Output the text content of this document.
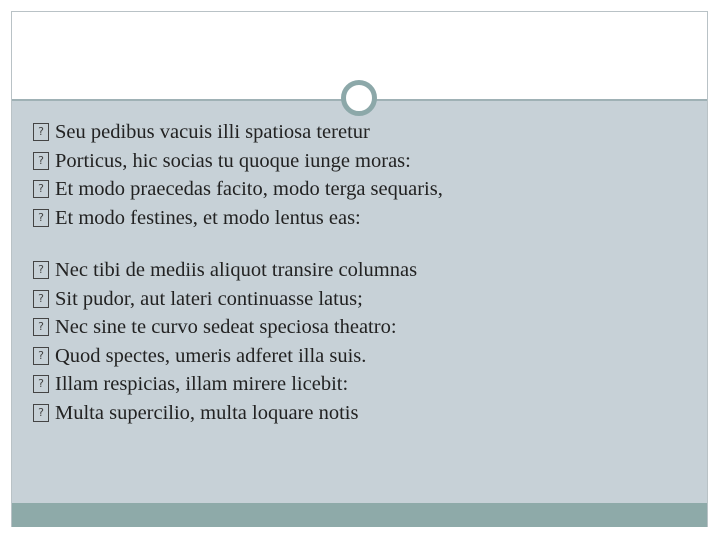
? Seu pedibus vacuis illi spatiosa teretur
? Porticus, hic socias tu quoque iunge moras:
? Et modo praecedas facito, modo terga sequaris,
? Et modo festines, et modo lentus eas:
? Nec tibi de mediis aliquot transire columnas
? Sit pudor, aut lateri continuasse latus;
? Nec sine te curvo sedeat speciosa theatro:
? Quod spectes, umeris adferet illa suis.
? Illam respicias, illam mirere licebit:
? Multa supercilio, multa loquare notis
